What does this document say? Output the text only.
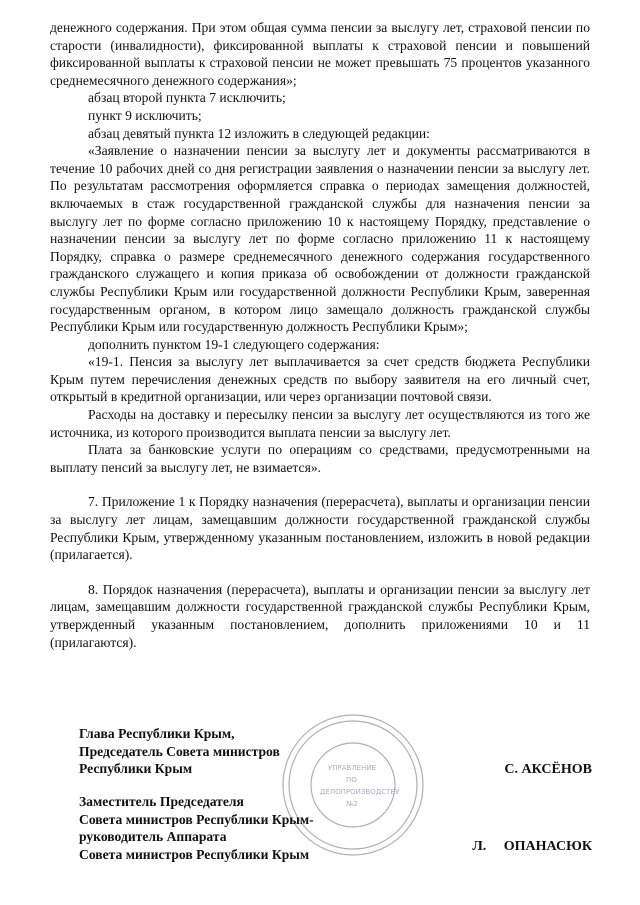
денежного содержания. При этом общая сумма пенсии за выслугу лет, страховой пенсии по старости (инвалидности), фиксированной выплаты к страховой пенсии и повышений фиксированной выплаты к страховой пенсии не может превышать 75 процентов указанного среднемесячного денежного содержания»;

абзац второй пункта 7 исключить;

пункт 9 исключить;

абзац девятый пункта 12 изложить в следующей редакции:

«Заявление о назначении пенсии за выслугу лет и документы рассматриваются в течение 10 рабочих дней со дня регистрации заявления о назначении пенсии за выслугу лет. По результатам рассмотрения оформляется справка о периодах замещения должностей, включаемых в стаж государственной гражданской службы для назначения пенсии за выслугу лет по форме согласно приложению 10 к настоящему Порядку, представление о назначении пенсии за выслугу лет по форме согласно приложению 11 к настоящему Порядку, справка о размере среднемесячного денежного содержания государственного гражданского служащего и копия приказа об освобождении от должности гражданской службы Республики Крым или государственной должности Республики Крым, заверенная государственным органом, в котором лицо замещало должность гражданской службы Республики Крым или государственную должность Республики Крым»;

дополнить пунктом 19-1 следующего содержания:

«19-1. Пенсия за выслугу лет выплачивается за счет средств бюджета Республики Крым путем перечисления денежных средств по выбору заявителя на его личный счет, открытый в кредитной организации, или через организации почтовой связи.

Расходы на доставку и пересылку пенсии за выслугу лет осуществляются из того же источника, из которого производится выплата пенсии за выслугу лет.

Плата за банковские услуги по операциям со средствами, предусмотренными на выплату пенсий за выслугу лет, не взимается».

7. Приложение 1 к Порядку назначения (перерасчета), выплаты и организации пенсии за выслугу лет лицам, замещавшим должности государственной гражданской службы Республики Крым, утвержденному указанным постановлением, изложить в новой редакции (прилагается).

8. Порядок назначения (перерасчета), выплаты и организации пенсии за выслугу лет лицам, замещавшим должности государственной гражданской службы Республики Крым, утвержденный указанным постановлением, дополнить приложениями 10 и 11 (прилагаются).

УПРАВЛЕНИЕ
ПО
ДЕЛОПРОИЗВОДСТВУ
№2
Глава Республики Крым,
Председатель Совета министров
Республики Крым	С. АКСЁНОВ
Заместитель Председателя
Совета министров Республики Крым-
руководитель Аппарата
Совета министров Республики Крым
Л. ОПАНАСЮК
